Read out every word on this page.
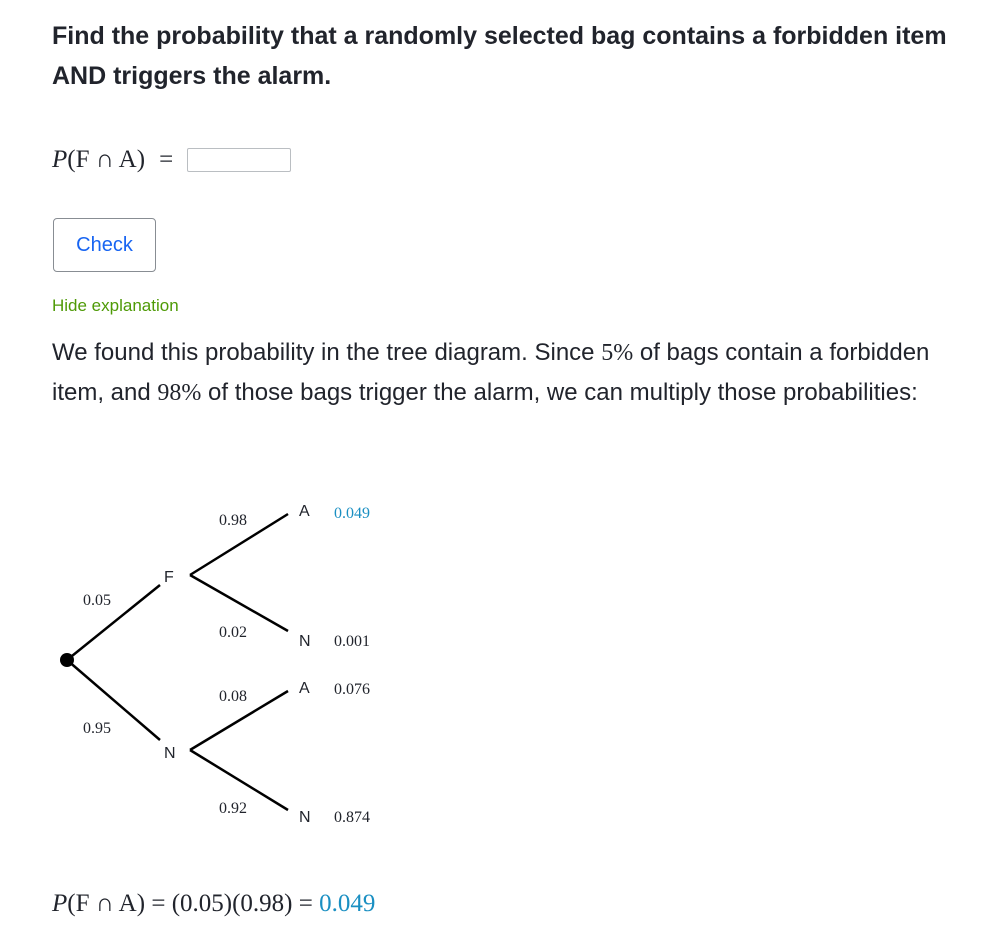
Find the probability that a randomly selected bag contains a forbidden item AND triggers the alarm.
P (F ∩ A) =
Check
Hide explanation
We found this probability in the tree diagram. Since 5% of bags contain a forbidden item, and 98% of those bags trigger the alarm, we can multiply those probabilities:
0.05
0.95
F
N
0.98
0.02
0.08
0.92
A
N
A
N
0.049
0.001
0.076
0.874
P (F ∩ A) = (0.05)(0.98) = 0.049
